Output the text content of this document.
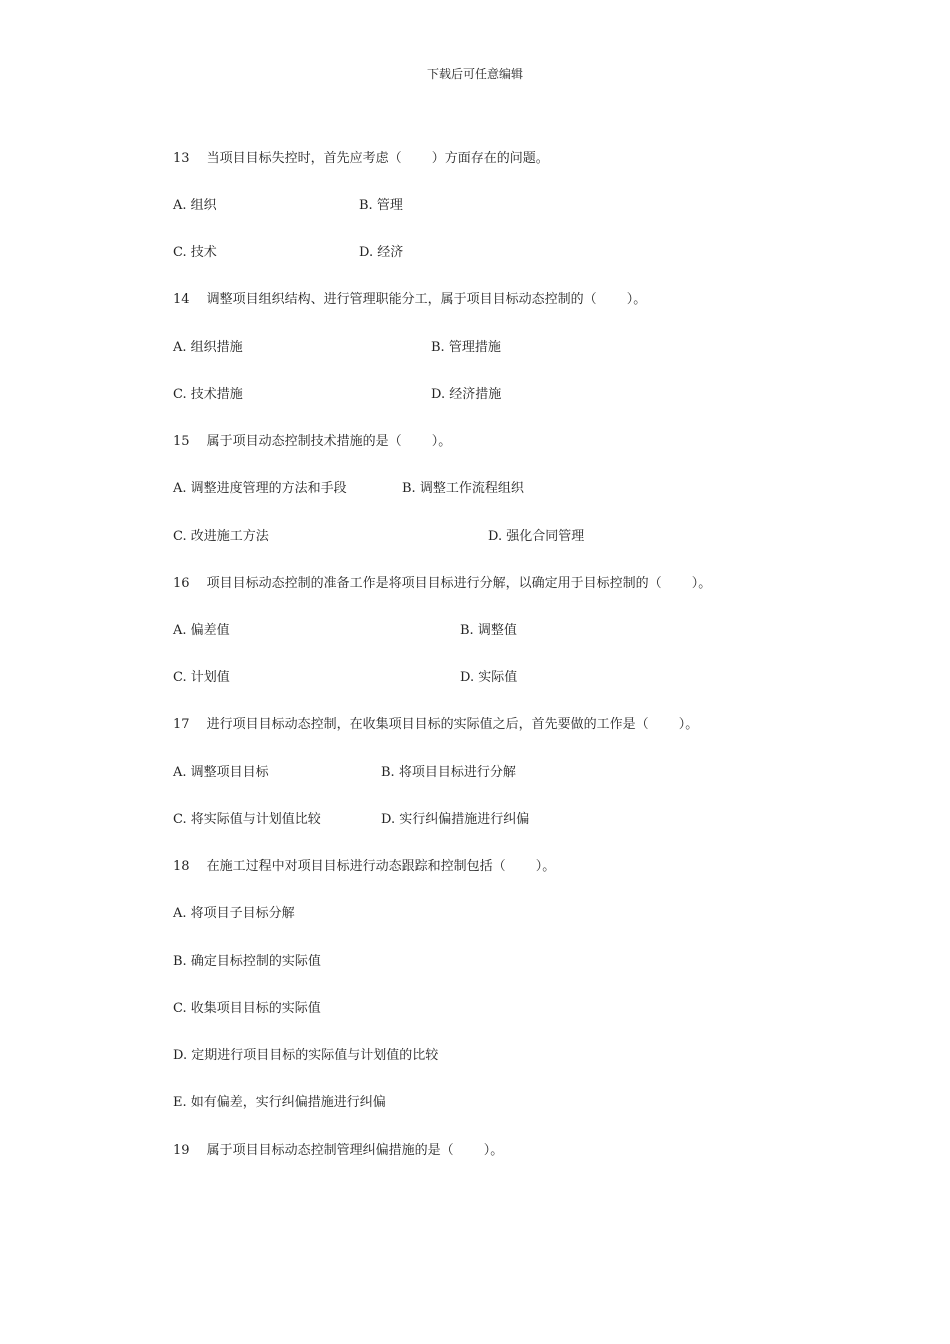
下载后可任意编辑
13　 当项目目标失控时，首先应考虑（　　 ）方面存在的问题。
A. 组织	B. 管理
C. 技术	D. 经济
14　 调整项目组织结构、进行管理职能分工，属于项目目标动态控制的（　　 ）。
A. 组织措施	B. 管理措施
C. 技术措施	D. 经济措施
15　 属于项目动态控制技术措施的是（　　 ）。
A. 调整进度管理的方法和手段	B. 调整工作流程组织
C. 改进施工方法	D. 强化合同管理
16　 项目目标动态控制的准备工作是将项目目标进行分解，以确定用于目标控制的（　　 ）。
A. 偏差值	B. 调整值
C. 计划值	D. 实际值
17　 进行项目目标动态控制，在收集项目目标的实际值之后，首先要做的工作是（　　 ）。
A. 调整项目目标	B. 将项目目标进行分解
C. 将实际值与计划值比较	D. 实行纠偏措施进行纠偏
18　 在施工过程中对项目目标进行动态跟踪和控制包括（　　 ）。
A. 将项目子目标分解
B. 确定目标控制的实际值
C. 收集项目目标的实际值
D. 定期进行项目目标的实际值与计划值的比较
E. 如有偏差，实行纠偏措施进行纠偏
19　 属于项目目标动态控制管理纠偏措施的是（　　 ）。
